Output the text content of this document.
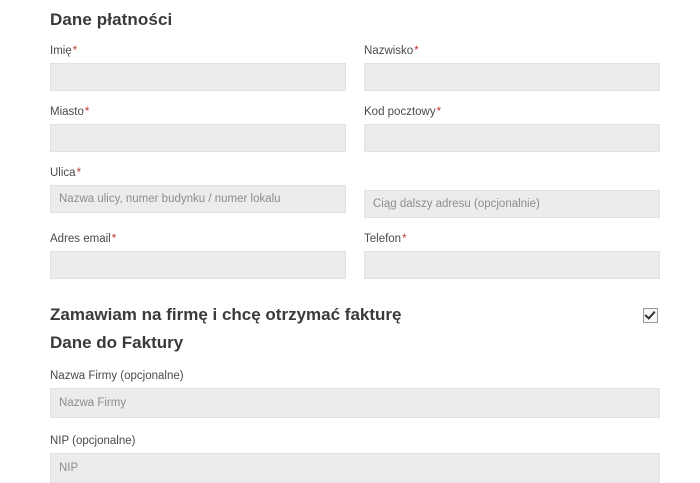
Dane płatności
Imię*	Nazwisko*
Miasto*	Kod pocztowy*
Ulica*
Nazwa ulicy, numer budynku / numer lokalu
Ciąg dalszy adresu (opcjonalnie)
Adres email*	Telefon*
Zamawiam na firmę i chcę otrzymać fakturę
Dane do Faktury
Nazwa Firmy (opcjonalne)
Nazwa Firmy
NIP (opcjonalne)
NIP
